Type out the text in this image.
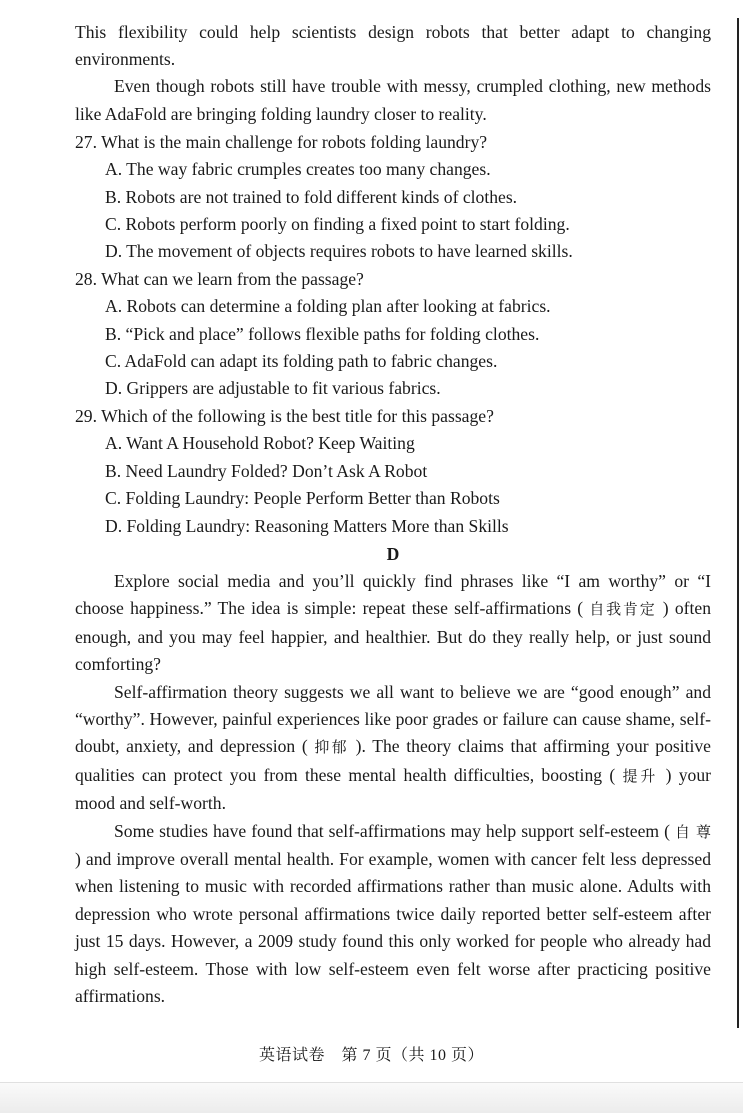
This flexibility could help scientists design robots that better adapt to changing environments.

Even though robots still have trouble with messy, crumpled clothing, new methods like AdaFold are bringing folding laundry closer to reality.

27. What is the main challenge for robots folding laundry?

A. The way fabric crumples creates too many changes.

B. Robots are not trained to fold different kinds of clothes.

C. Robots perform poorly on finding a fixed point to start folding.

D. The movement of objects requires robots to have learned skills.

28. What can we learn from the passage?

A. Robots can determine a folding plan after looking at fabrics.

B. “Pick and place” follows flexible paths for folding clothes.

C. AdaFold can adapt its folding path to fabric changes.

D. Grippers are adjustable to fit various fabrics.

29. Which of the following is the best title for this passage?

A. Want A Household Robot? Keep Waiting

B. Need Laundry Folded? Don’t Ask A Robot

C. Folding Laundry: People Perform Better than Robots

D. Folding Laundry: Reasoning Matters More than Skills

D

Explore social media and you’ll quickly find phrases like “I am worthy” or “I choose happiness.” The idea is simple: repeat these self-affirmations ( 自我肯定 ) often enough, and you may feel happier, and healthier. But do they really help, or just sound comforting?

Self-affirmation theory suggests we all want to believe we are “good enough” and “worthy”. However, painful experiences like poor grades or failure can cause shame, self-doubt, anxiety, and depression ( 抑郁 ). The theory claims that affirming your positive qualities can protect you from these mental health difficulties, boosting ( 提升 ) your mood and self-worth.

Some studies have found that self-affirmations may help support self-esteem ( 自 尊 ) and improve overall mental health. For example, women with cancer felt less depressed when listening to music with recorded affirmations rather than music alone. Adults with depression who wrote personal affirmations twice daily reported better self-esteem after just 15 days. However, a 2009 study found this only worked for people who already had high self-esteem. Those with low self-esteem even felt worse after practicing positive affirmations.

英语试卷　第 7 页（共 10 页）
